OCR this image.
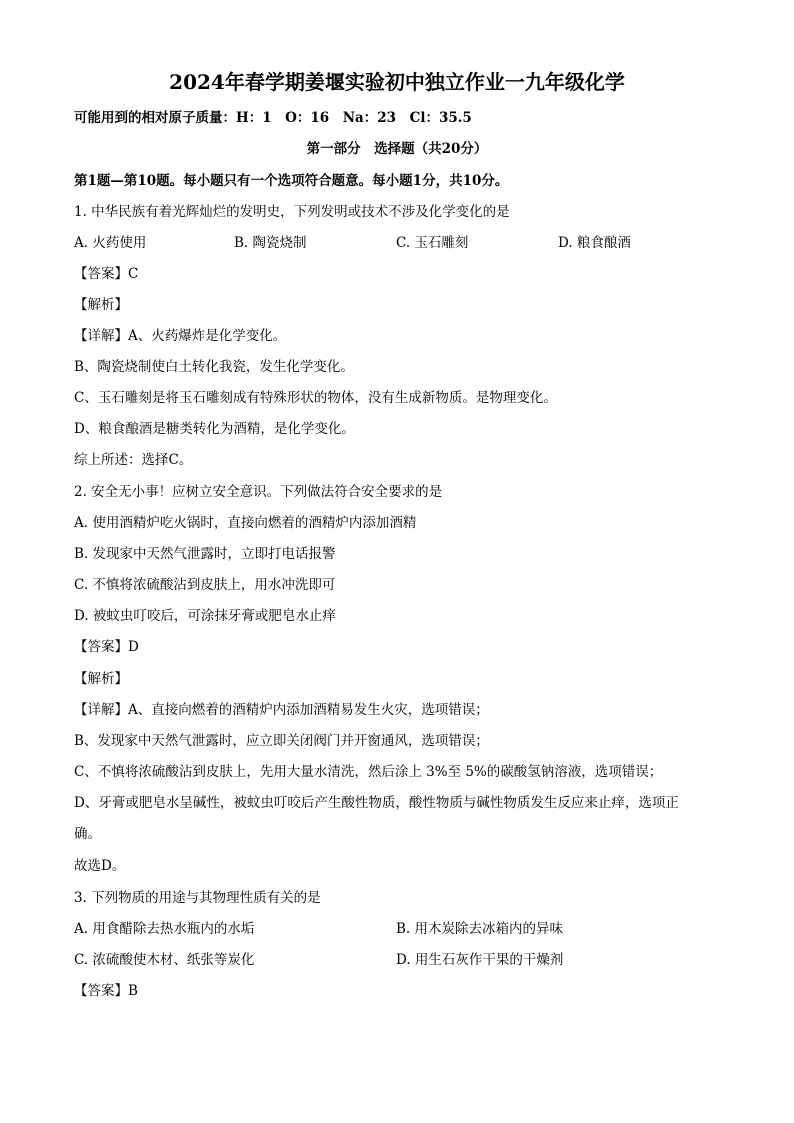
2024年春学期姜堰实验初中独立作业一九年级化学
可能用到的相对原子质量：H：1　O：16　Na：23　Cl：35.5
第一部分　选择题（共20分）
第1题—第10题。每小题只有一个选项符合题意。每小题1分，共10分。
1. 中华民族有着光辉灿烂的发明史，下列发明或技术不涉及化学变化的是
A. 火药使用	B. 陶瓷烧制	C. 玉石雕刻	D. 粮食酿酒
【答案】C
【解析】
【详解】A、火药爆炸是化学变化。
B、陶瓷烧制使白土转化我瓷，发生化学变化。
C、玉石雕刻是将玉石雕刻成有特殊形状的物体，没有生成新物质。是物理变化。
D、粮食酿酒是糖类转化为酒精，是化学变化。
综上所述：选择C。
2. 安全无小事！应树立安全意识。下列做法符合安全要求的是
A. 使用酒精炉吃火锅时，直接向燃着的酒精炉内添加酒精
B. 发现家中天然气泄露时，立即打电话报警
C. 不慎将浓硫酸沾到皮肤上，用水冲洗即可
D. 被蚊虫叮咬后，可涂抹牙膏或肥皂水止痒
【答案】D
【解析】
【详解】A、直接向燃着的酒精炉内添加酒精易发生火灾，选项错误；
B、发现家中天然气泄露时，应立即关闭阀门并开窗通风，选项错误；
C、不慎将浓硫酸沾到皮肤上，先用大量水清洗，然后涂上 3%至 5%的碳酸氢钠溶液，选项错误；
D、牙膏或肥皂水呈碱性，被蚊虫叮咬后产生酸性物质，酸性物质与碱性物质发生反应来止痒，选项正确。
故选D。
3. 下列物质的用途与其物理性质有关的是
A. 用食醋除去热水瓶内的水垢	B. 用木炭除去冰箱内的异味
C. 浓硫酸使木材、纸张等炭化	D. 用生石灰作干果的干燥剂
【答案】B
